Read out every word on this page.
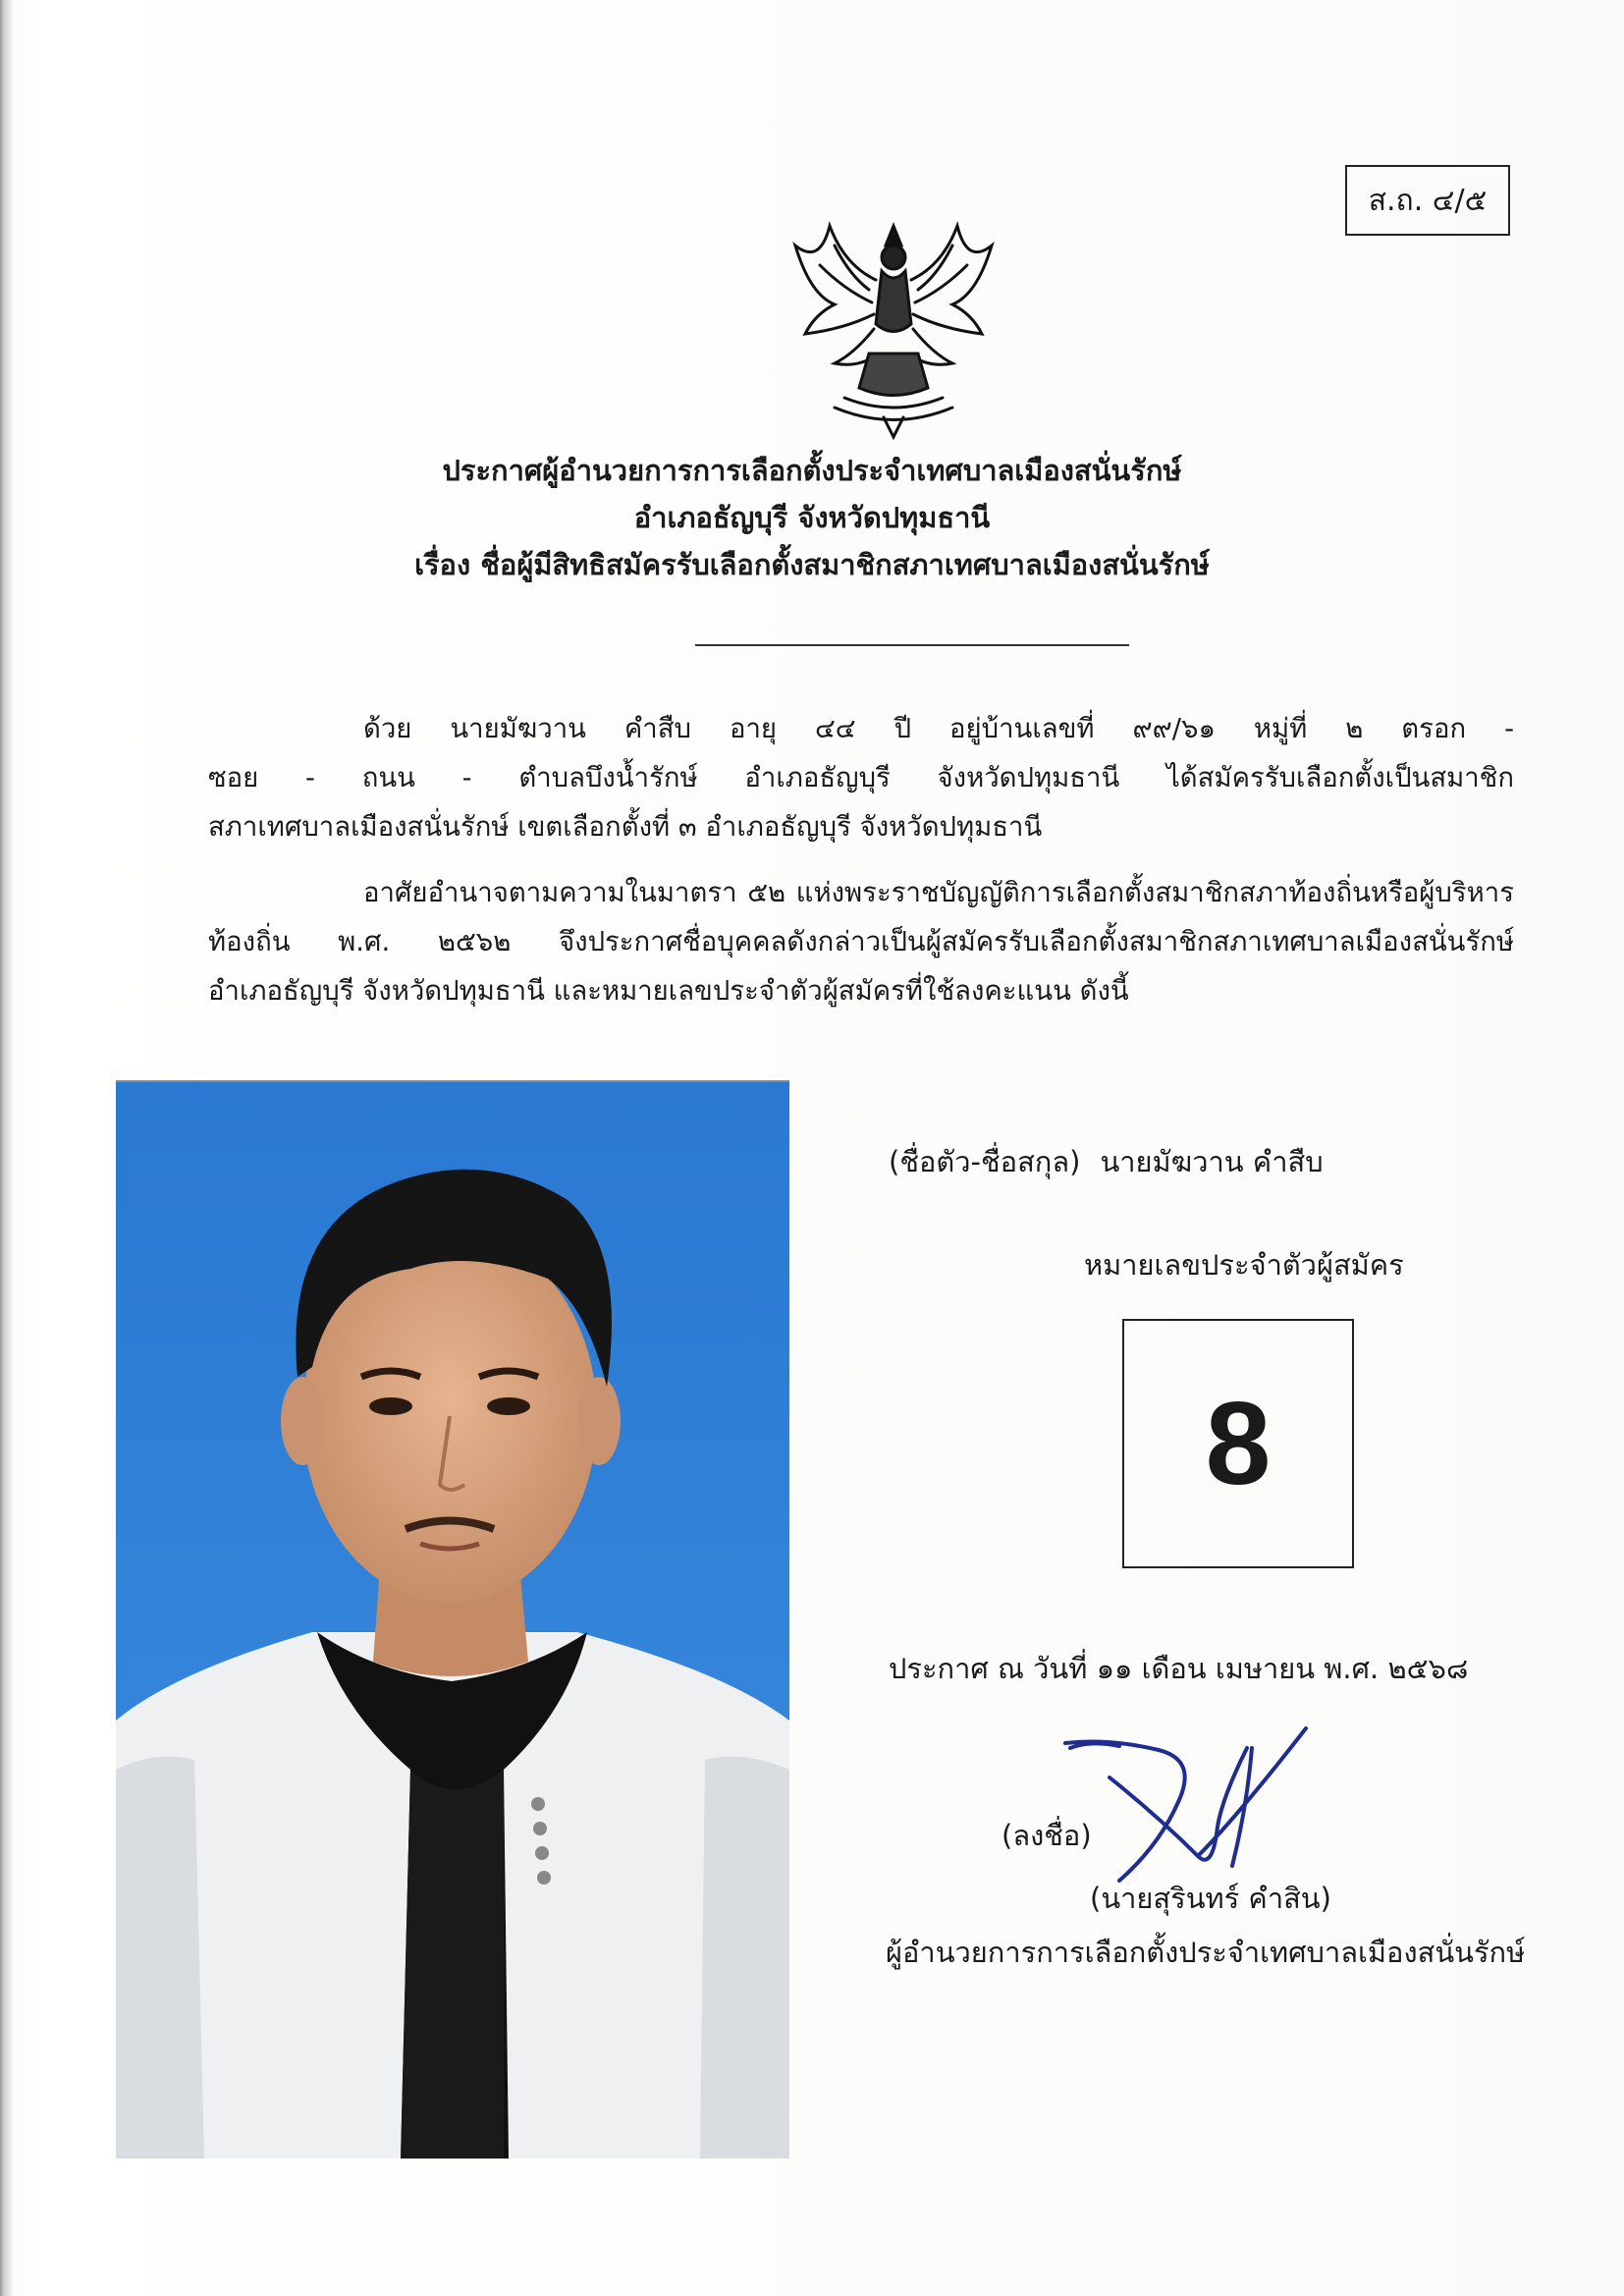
ส.ถ. ๔/๕
ประกาศผู้อำนวยการการเลือกตั้งประจำเทศบาลเมืองสนั่นรักษ์
อำเภอธัญบุรี จังหวัดปทุมธานี
เรื่อง ชื่อผู้มีสิทธิสมัครรับเลือกตั้งสมาชิกสภาเทศบาลเมืองสนั่นรักษ์
ด้วย นายมัฆวาน คำสืบ อายุ ๔๔ ปี อยู่บ้านเลขที่ ๙๙/๖๑ หมู่ที่ ๒ ตรอก -
ซอย - ถนน - ตำบลบึงน้ำรักษ์ อำเภอธัญบุรี จังหวัดปทุมธานี ได้สมัครรับเลือกตั้งเป็นสมาชิก
สภาเทศบาลเมืองสนั่นรักษ์ เขตเลือกตั้งที่ ๓ อำเภอธัญบุรี จังหวัดปทุมธานี
อาศัยอำนาจตามความในมาตรา ๕๒ แห่งพระราชบัญญัติการเลือกตั้งสมาชิกสภาท้องถิ่นหรือผู้บริหาร
ท้องถิ่น พ.ศ. ๒๕๖๒ จึงประกาศชื่อบุคคลดังกล่าวเป็นผู้สมัครรับเลือกตั้งสมาชิกสภาเทศบาลเมืองสนั่นรักษ์
อำเภอธัญบุรี จังหวัดปทุมธานี และหมายเลขประจำตัวผู้สมัครที่ใช้ลงคะแนน ดังนี้
(ชื่อตัว-ชื่อสกุล) นายมัฆวาน คำสืบ
หมายเลขประจำตัวผู้สมัคร
8
ประกาศ ณ วันที่ ๑๑ เดือน เมษายน พ.ศ. ๒๕๖๘
(ลงชื่อ)
(นายสุรินทร์ คำสิน)
ผู้อำนวยการการเลือกตั้งประจำเทศบาลเมืองสนั่นรักษ์
